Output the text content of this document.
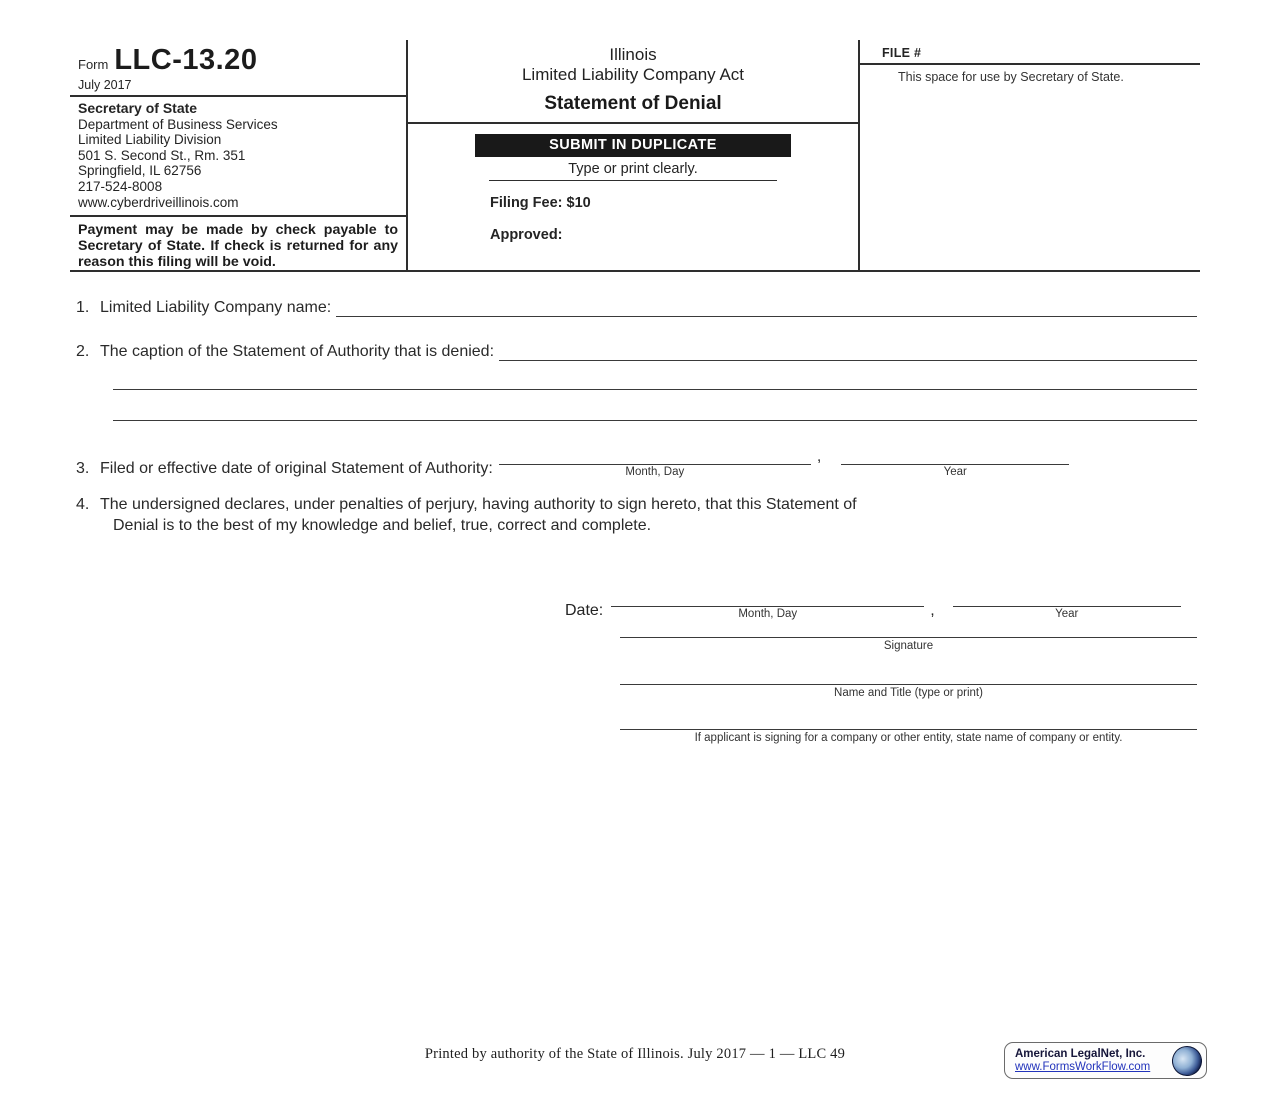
Form LLC-13.20
July 2017
Secretary of State
Department of Business Services
Limited Liability Division
501 S. Second St., Rm. 351
Springfield, IL 62756
217-524-8008
www.cyberdriveillinois.com
Payment may be made by check payable to Secretary of State. If check is returned for any reason this filing will be void.
Illinois
Limited Liability Company Act
Statement of Denial
SUBMIT IN DUPLICATE
Type or print clearly.
Filing Fee: $10
Approved:
FILE #
This space for use by Secretary of State.
1. Limited Liability Company name:
2. The caption of the Statement of Authority that is denied:
3. Filed or effective date of original Statement of Authority:	Month, Day
,
Year
4. The undersigned declares, under penalties of perjury, having authority to sign hereto, that this Statement of
Denial is to the best of my knowledge and belief, true, correct and complete.
Date:	Month, Day	,	Year
Signature
Name and Title (type or print)
If applicant is signing for a company or other entity, state name of company or entity.
Printed by authority of the State of Illinois. July 2017 — 1 — LLC 49	American LegalNet, Inc.
www.FormsWorkFlow.com
